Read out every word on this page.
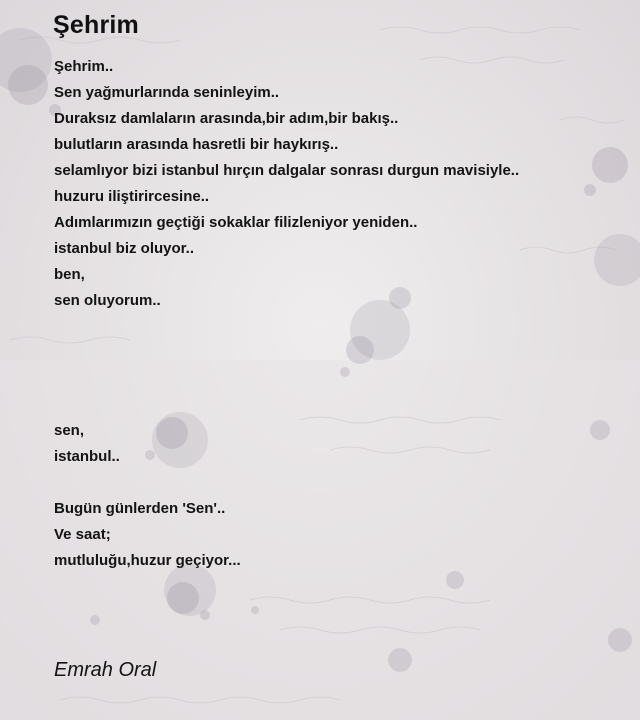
Şehrim
Şehrim..
Sen yağmurlarında seninleyim..
Duraksız damlaların arasında,bir adım,bir bakış..
bulutların arasında hasretli bir haykırış..
selamlıyor bizi istanbul hırçın dalgalar sonrası durgun mavisiyle..
huzuru iliştirircesine..
Adımlarımızın geçtiği sokaklar filizleniyor yeniden..
istanbul biz oluyor..
ben,
sen oluyorum..
sen,
istanbul..
Bugün günlerden 'Sen'..
Ve saat;
mutluluğu,huzur geçiyor...
Emrah Oral
